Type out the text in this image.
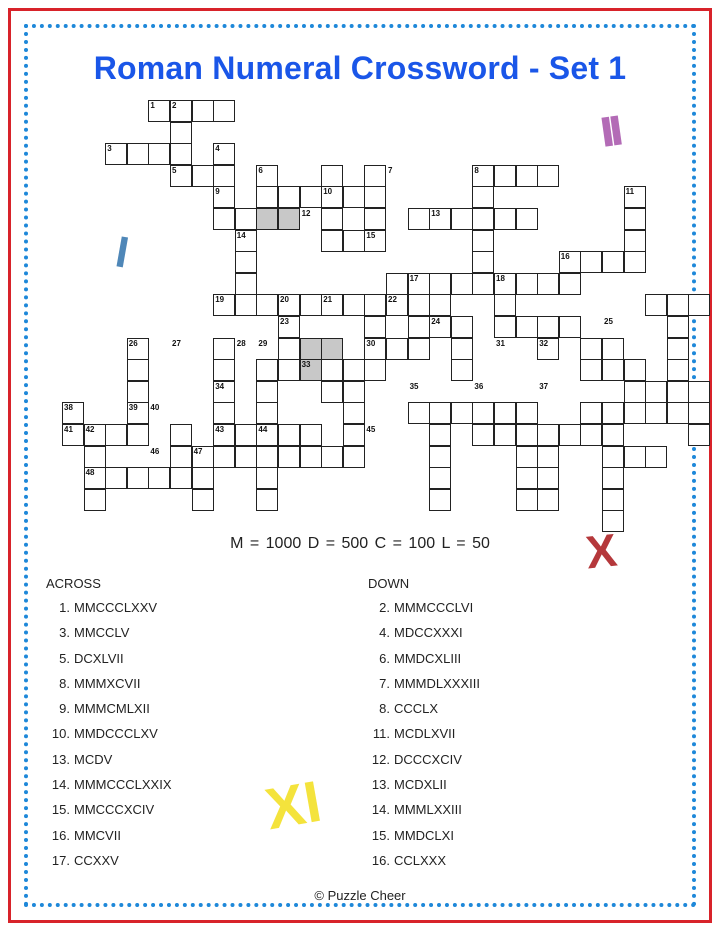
Roman Numeral Crossword - Set 1
1 2
3	4
5	6	7	8
9	10	11
12	13
14	15
16
17	18
19	20	21	22
23	24	25
26	27	28 29	30	31	32
33
34	35	36	37
38	39 40
41 42	43	44	45
46	47
48
II
I
X
XI
M = 1000 D = 500 C = 100 L = 50
ACROSS
1. MMCCCLXXV
3. MMCCLV
5. DCXLVII
8. MMMXCVII
9. MMMCMLXII
10. MMDCCCLXV
13. MCDV
14. MMMCCCLXXIX
15. MMCCCXCIV
16. MMCVII
17. CCXXV
DOWN
2. MMMCCCLVI
4. MDCCXXXI
6. MMDCXLIII
7. MMMDLXXXIII
8. CCCLX
11. MCDLXVII
12. DCCCXCIV
13. MCDXLII
14. MMMLXXIII
15. MMDCLXI
16. CCLXXX
© Puzzle Cheer
